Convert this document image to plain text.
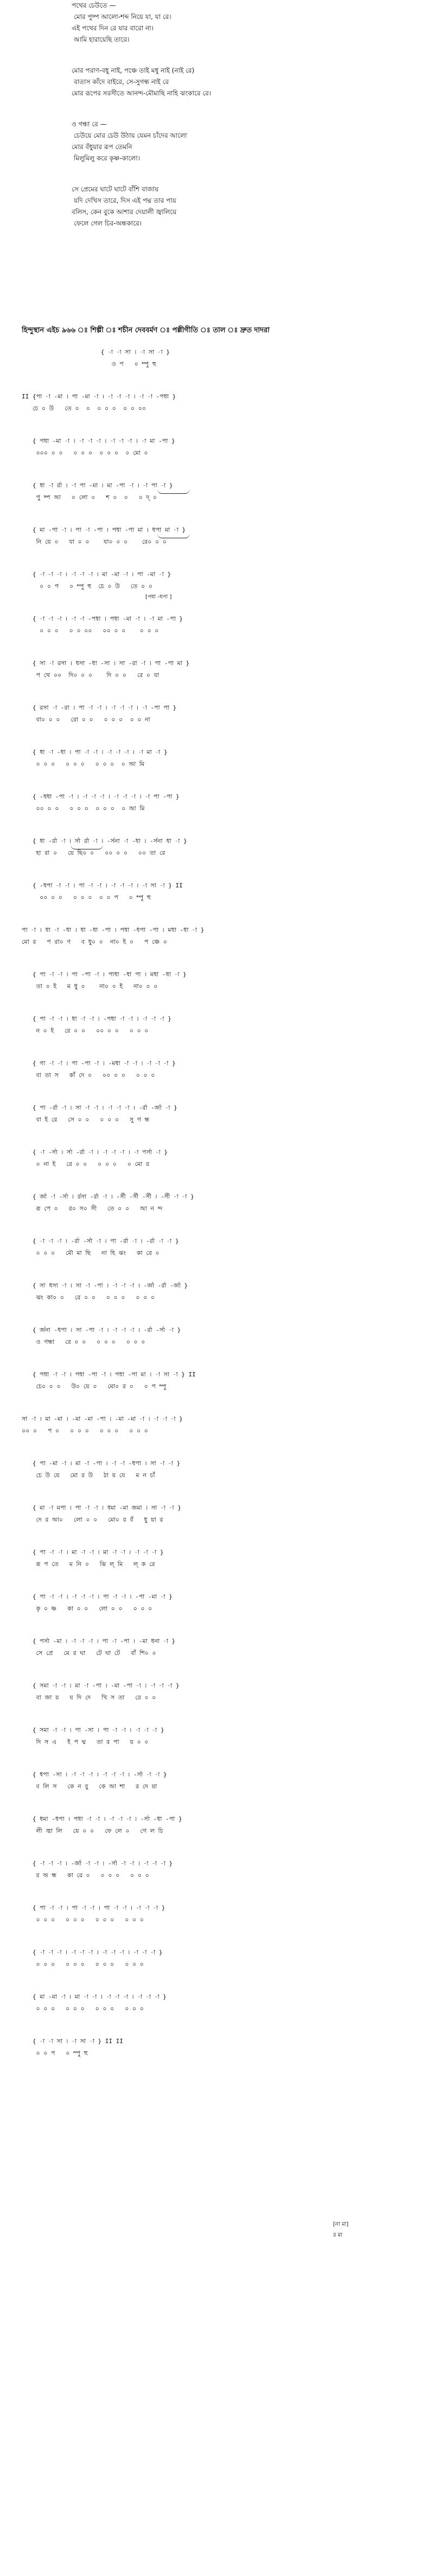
পথের চেউতে —
মোর পুষ্প আলো-শব্দ নিয়ে যা, যা রে।
এই পথের দিন রে যার বারো না।
আমি হারায়েছি তারে।
মোর পরাণ-বধু নাই, পঞ্চে তাই মধু নাই (নাই রে)
বাতাস কাঁদে বাইরে, সে-সুগন্ধ নাই রে
মোর রূপের সরসীতে আনন্দ-মৌমাছি নাহি ঝংকারে রে।
ও গন্ধা রে —
চেউয়ে মোর চেউ উঠায় যেমন চাঁদের আলো
মোর বঁধুয়ার রূপ তেমনি
মিলুমিলু করে কৃষ্ণ-কালো।
সে প্রেমের ঘাটে ঘাটে বাঁশি বাজায়
যদি দেখিস তারে, দিস এই পদ্ম তার পায়
বলিস, কেন বুকে আশার দেয়ালী জ্বালিয়ে
ফেলে গেল চির-অন্ধকারে।
হিন্দুস্থান এইচ ৯৬৬ ঃ শিল্পী ঃ শচীন দেববর্মণ ঃ পল্লীগীতি ঃ তাল ঃ দ্রুত দাদরা
{ -া -া সা । -া সা -া }
ও প   ০ ম্পু হু
II {পা -া -মা । পা -মা -া । -া -া -া । -া -া -পধা }
চে ০ উ   তে ০  ০  ০ ০ ০  ০ ০ ০০
{ পধা -মা -া । -া -া -া । -া -া -া । -া মা -পা }
০০০ ০ ০   ০ ০ ০  ০ ০ ০  ০ মো ০
{ ধা -া র্রা । -া পা -মা । মা -পা -া । -া পা -া }
পু ষ্প আ   ০ লো ০   শ ০  ০   ০ দ্ ০
{ মা -পা -া । পা -া -পা । পধা -পা মা । ধপা মা -া }
নি য়ে ০   যা ০ ০    যা০ ০ ০    রে০ ০ ০
{ -া -া -া । -া -া -া । মা -মা -া । পা -মা -া }
০ ০ প   ০ ম্পু হু  চে ০ উ   তে ০ ০
{ -া -া -া । -া -া -পধা । পধা -মা -া । -া মা -পা }
০ ০ ০   ০ ০ ০০   ০০ ০ ০    ০ ০ ০
{ সা -া রসা । ধসা -ধা -সা । সা -রা -া । পা -পা মা }
প থে ০০  দি০ ০ ০    দি ০ ০   রে ০ যা
{ রসা -া -রা । পা -া -া । -া -া -া । -া -পা পা }
বা০ ০ ০   রো ০ ০   ০ ০ ০  ০ ০ না
{ ধা -া -ধা । পা -া -া । -া -া -া । -া মা -া }
০ ০ ০   ০ ০ ০   ০ ০ ০  ০ আ মি
{ -ধধা -পা -া । -া -া -া । -া -া -া । -া পা -পা }
০০ ০ ০   ০ ০ ০  ০ ০ ০  ০ আ মি
{ ধা -র্রা -া । র্সা র্রা -া । -র্সনা -া -ধা । -র্সনা ধা -া }
হা রা ০   য়ে ছি০ ০   ০০ ০ ০   ০০ তা রে
{ -ধপা -া -া । পা -া -া । -া -া -া । -া সা -া } II
০০ ০ ০   ০ ০ ০  ০ ০ প   ০ ম্পু হু
পা -া । ধা -া -ধা । ধা -ধা -পা । পধা -ধপা -পা । মধা -ধা -া }
মো র   প রা০ ণ   ব ধু০ ০  না০ ই ০   প ঞ্চে ০
{ পা -া -া । পা -পা -া । পাধা -ধা পা । মধা -ধা -া }
তা ০ ই   ম ধু ০    না০ ০ ই   না০ ০ ০
{ পা -া -া । ধা -া -া । -পধা -া -া । -া -া -া }
ন ০ ই   রে ০ ০   ০০ ০ ০   ০ ০ ০
{ গা -া -া । পা -পা -া । -মধা -া -া । -া -া -া }
বা তা স   কাঁ দে ০   ০০ ০ ০   ০ ০ ০
{ পা -র্রা -া । সা -া -া । -া -া -া । -র্রা -র্জা -া }
বা ই রে   সে ০ ০   ০ ০ ০   সু গ ন্ধ
{ -া -র্সা । র্সা -র্রা -া । -া -া -া । -া পর্সা -া }
০ না ই   রে ০ ০   ০ ০ ০   ০ মো র
{ র্জা -া -র্সা । র্রসা -র্রা -া । -র্সী -র্সী -র্সী । -র্সী -া -া }
রূ পে ০   র০ স০ সী   তে ০ ০   আ ন ন্দ
{ -া -া -া । -র্রা -র্সা -া । পা -র্রা -া । -র্রা -া -া }
০ ০ ০   মৌ মা ছি   না হি ঝং   কা রে ০
{ সা ধসা -া । সা -া -পা । -া -া -া । -র্জা -র্রা -র্জা }
ঝং কা০ ০   রে ০ ০   ০ ০ ০   ০ ০ ০
{ র্জনা -ধপা । সা -পা -া । -া -া -া । -র্রা -র্সা -া }
ও গন্ধা   রে ০ ০   ০ ০ ০   ০ ০ ০
{ পধা -া -া । পধা -পা -া । পধা -পা মা । -া সা -া } II
চে০ ০ ০   উ০ য়ে ০   মো০ র ০   ০ প ম্পু
সা -া । মা -মা । -মা -মা -পা । -মা -মা -া । -া -া -া }
০০ ০   প ০   ০ ০ ০   ০ ০ ০   ০ ০ ০
{ পা -মা -া । মা -া -পা । -া -া -ধপা । সা -া -া }
চে উ য়ে   মো র উ   ঠা য় যে   ম ন চাঁ
{ মা -া মপা । পা -া -া । ধমা -মা জমা । সা -া -া }
দে র আ০   লো ০ ০   মো০ র বঁ   ধু য়া র
{ পা -া -া । মা -া -া । মা -া -া । -া -া -া }
রূ প তে   ম নি ০   ঝি ল্ মি   ল্ ক রে
{ পা -া -া । -া -া -া । পা -া -া । -পা -মা -া }
কৃ ০ ষ্ণ   কা ০ ০   লো ০ ০   ০ ০ ০
{ পর্সা -মা । -া -া -া । পা -া -পা । -মা ধনা -া }
সে প্রে   মে র ঘা   টে ঘা টে   বাঁ শি০ ০
{ সমা -া -া । মা -া -পা । -মা -পা -া । -া -া -া }
বা জা য়   য দি দে   খি স তা   রে ০ ০
{ সমা -া -া । পা -সা । পা -া -া । -া -া -া }
দি স এ   ই প দ্ম   তা র পা   য় ০ ০
{ ধপা -সা । -া -া -া । -া -া -া । -র্সা -া -া }
ব লি স   কে ন বু   কে আ শা   র দে য়া
{ ধমা -ধপা । পধা -া -া । -া -া -া । -র্সা -ধা -পা }
লী জ্বা লি   য়ে ০ ০   ফে লে ০   গে ল চি
{ -া -া -া । -র্জা -া -া । -র্সা -া -া । -া -া -া }
র অ ন্ধ   কা রে ০   ০ ০ ০   ০ ০ ০
{ পা -া -া । পা -া -া । পা -া -া । -া -া -া }
০ ০ ০   ০ ০ ০   ০ ০ ০   ০ ০ ০
{ -া -া -া । -া -া -া । -া -া -া । -া -া -া }
০ ০ ০   ০ ০ ০   ০ ০ ০   ০ ০ ০
{ মা -মা -া । মা -া -া । -া -া -া । -া -া -া }
০ ০ ০   ০ ০ ০   ০ ০ ০   ০ ০ ০
{ -া -া সা । -া সা -া } II II
০ ০ প   ০ ম্পু হু
[পধা -ধপা ]
[না মা]
র মা
